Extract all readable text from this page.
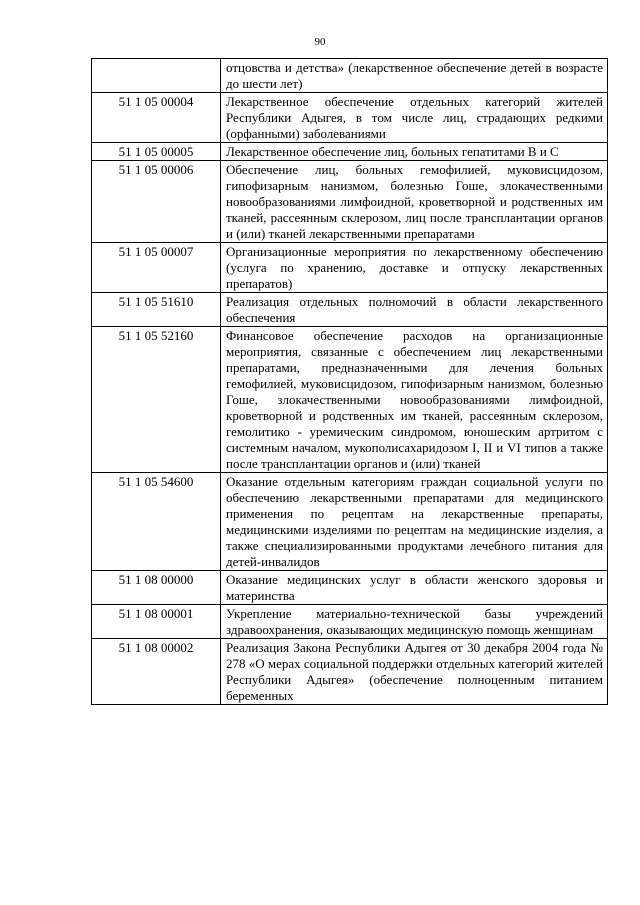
90
	отцовства и детства» (лекарственное обеспечение детей в возрасте до шести лет)
51 1 05 00004	Лекарственное обеспечение отдельных категорий жителей Республики Адыгея, в том числе лиц, страдающих редкими (орфанными) заболеваниями
51 1 05 00005	Лекарственное обеспечение лиц, больных гепатитами B и C
51 1 05 00006	Обеспечение лиц, больных гемофилией, муковисцидозом, гипофизарным нанизмом, болезнью Гоше, злокачественными новообразованиями лимфоидной, кроветворной и родственных им тканей, рассеянным склерозом, лиц после трансплантации органов и (или) тканей лекарственными препаратами
51 1 05 00007	Организационные мероприятия по лекарственному обеспечению (услуга по хранению, доставке и отпуску лекарственных препаратов)
51 1 05 51610	Реализация отдельных полномочий в области лекарственного обеспечения
51 1 05 52160	Финансовое обеспечение расходов на организационные мероприятия, связанные с обеспечением лиц лекарственными препаратами, предназначенными для лечения больных гемофилией, муковисцидозом, гипофизарным нанизмом, болезнью Гоше, злокачественными новообразованиями лимфоидной, кроветворной и родственных им тканей, рассеянным склерозом, гемолитико - уремическим синдромом, юношеским артритом с системным началом, мукополисахаридозом I, II и VI типов а также после трансплантации органов и (или) тканей
51 1 05 54600	Оказание отдельным категориям граждан социальной услуги по обеспечению лекарственными препаратами для медицинского применения по рецептам на лекарственные препараты, медицинскими изделиями по рецептам на медицинские изделия, а также специализированными продуктами лечебного питания для детей-инвалидов
51 1 08 00000	Оказание медицинских услуг в области женского здоровья и материнства
51 1 08 00001	Укрепление материально-технической базы учреждений здравоохранения, оказывающих медицинскую помощь женщинам
51 1 08 00002	Реализация Закона Республики Адыгея от 30 декабря 2004 года № 278 «О мерах социальной поддержки отдельных категорий жителей Республики Адыгея» (обеспечение полноценным питанием беременных
